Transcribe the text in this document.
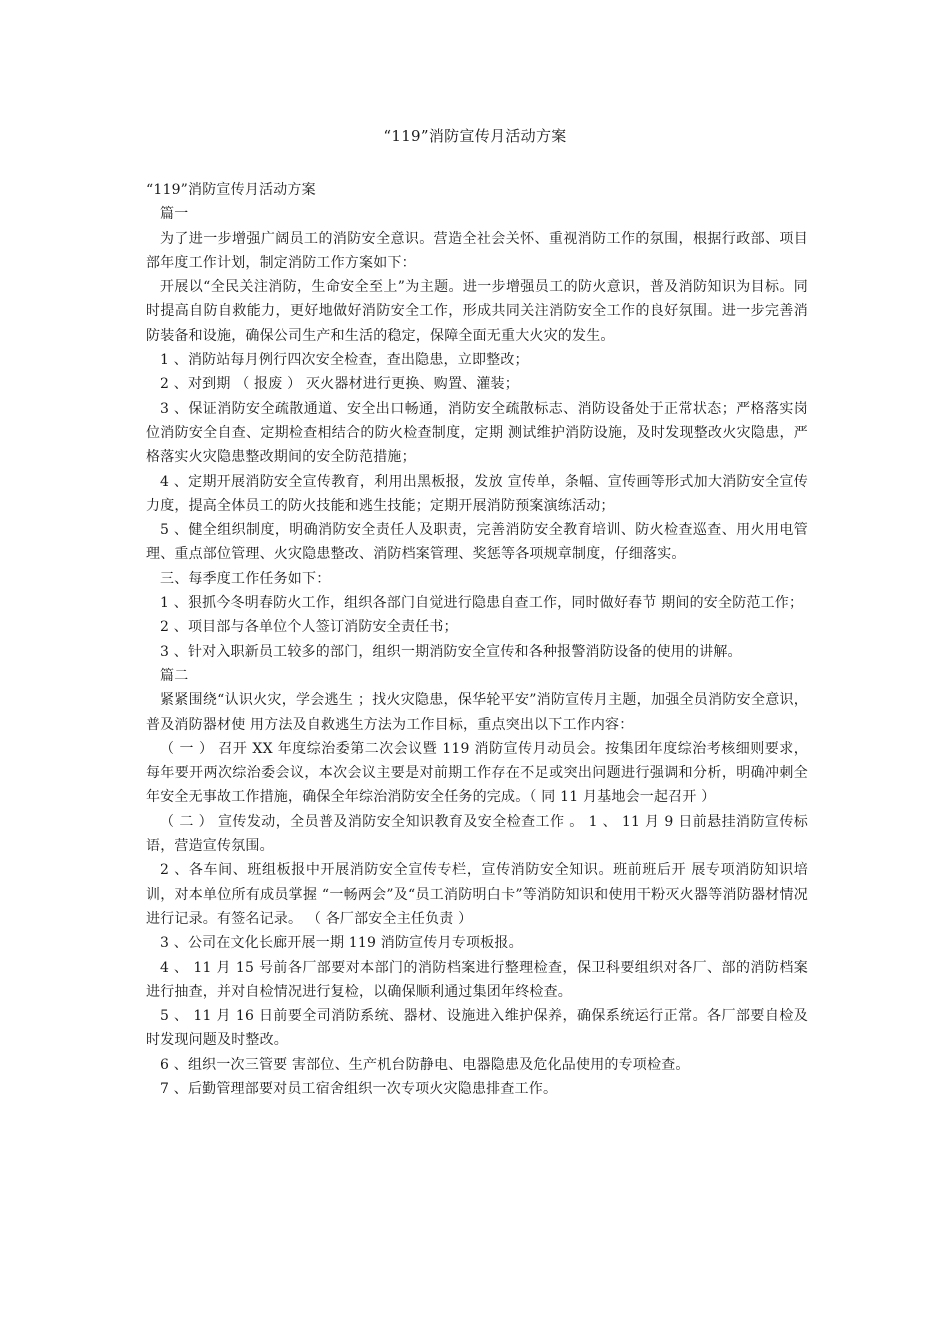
“119”消防宣传月活动方案

“119”消防宣传月活动方案

篇一

为了进一步增强广阔员工的消防安全意识。营造全社会关怀、重视消防工作的氛围，根据行政部、项目部年度工作计划，制定消防工作方案如下：

开展以“全民关注消防，生命安全至上”为主题。进一步增强员工的防火意识，普及消防知识为目标。同时提高自防自救能力，更好地做好消防安全工作，形成共同关注消防安全工作的良好氛围。进一步完善消防装备和设施，确保公司生产和生活的稳定，保障全面无重大火灾的发生。

1 、消防站每月例行四次安全检查，查出隐患，立即整改；

2 、对到期 （ 报废 ） 灭火器材进行更换、购置、灌装；

3 、保证消防安全疏散通道、安全出口畅通，消防安全疏散标志、消防设备处于正常状态；严格落实岗位消防安全自查、定期检查相结合的防火检查制度，定期 测试维护消防设施，及时发现整改火灾隐患，严格落实火灾隐患整改期间的安全防范措施；

4 、定期开展消防安全宣传教育，利用出黑板报，发放 宣传单，条幅、宣传画等形式加大消防安全宣传力度，提高全体员工的防火技能和逃生技能；定期开展消防预案演练活动；

5 、健全组织制度，明确消防安全责任人及职责，完善消防安全教育培训、防火检查巡查、用火用电管理、重点部位管理、火灾隐患整改、消防档案管理、奖惩等各项规章制度，仔细落实。

三、每季度工作任务如下：

1 、狠抓今冬明春防火工作，组织各部门自觉进行隐患自查工作，同时做好春节 期间的安全防范工作；

2 、项目部与各单位个人签订消防安全责任书；

3 、针对入职新员工较多的部门，组织一期消防安全宣传和各种报警消防设备的使用的讲解。

篇二

紧紧围绕“认识火灾，学会逃生 ；找火灾隐患，保华轮平安”消防宣传月主题，加强全员消防安全意识，普及消防器材使 用方法及自救逃生方法为工作目标，重点突出以下工作内容：

（ 一 ） 召开 XX 年度综治委第二次会议暨 119 消防宣传月动员会。按集团年度综治考核细则要求，每年要开两次综治委会议，本次会议主要是对前期工作存在不足或突出问题进行强调和分析，明确冲刺全年安全无事故工作措施，确保全年综治消防安全任务的完成。（ 同 11 月基地会一起召开 ）

（ 二 ） 宣传发动，全员普及消防安全知识教育及安全检查工作 。 1 、 11 月 9 日前悬挂消防宣传标语，营造宣传氛围。

2 、各车间、班组板报中开展消防安全宣传专栏，宣传消防安全知识。班前班后开 展专项消防知识培训，对本单位所有成员掌握 “一畅两会”及“员工消防明白卡”等消防知识和使用干粉灭火器等消防器材情况进行记录。有签名记录。 （ 各厂部安全主任负责 ）

3 、公司在文化长廊开展一期 119 消防宣传月专项板报。

4 、 11 月 15 号前各厂部要对本部门的消防档案进行整理检查，保卫科要组织对各厂、部的消防档案进行抽查，并对自检情况进行复检，以确保顺利通过集团年终检查。

5 、 11 月 16 日前要全司消防系统、器材、设施进入维护保养，确保系统运行正常。各厂部要自检及时发现问题及时整改。

6 、组织一次三管要 害部位、生产机台防静电、电器隐患及危化品使用的专项检查。

7 、后勤管理部要对员工宿舍组织一次专项火灾隐患排查工作。
